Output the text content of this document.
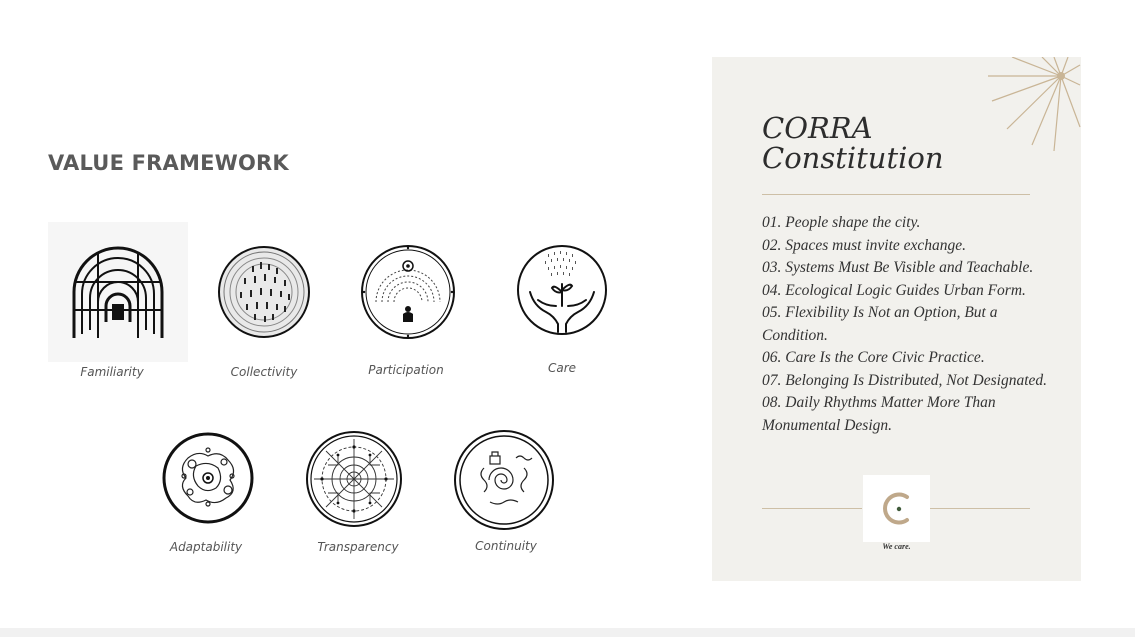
VALUE FRAMEWORK
Familiarity	Collectivity	Participation	Care
Adaptability	Transparency	Continuity
CORRA
Constitution
01. People shape the city.
02. Spaces must invite exchange.
03. Systems Must Be Visible and Teachable.
04. Ecological Logic Guides Urban Form.
05. Flexibility Is Not an Option, But a Condition.
06. Care Is the Core Civic Practice.
07. Belonging Is Distributed, Not Designated.
08. Daily Rhythms Matter More Than Monumental Design.
We care.
